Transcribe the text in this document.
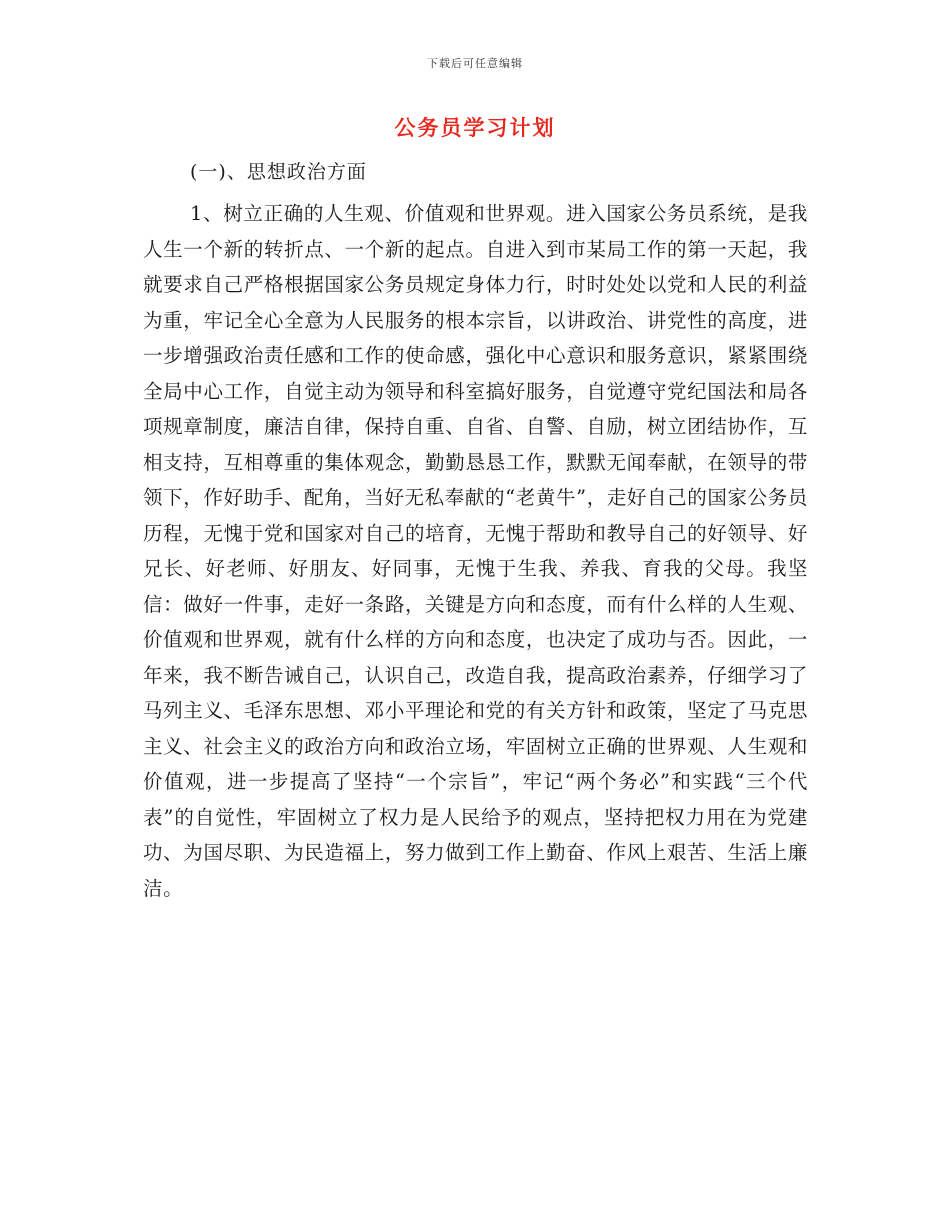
下载后可任意编辑
公务员学习计划
(一)、思想政治方面

1、树立正确的人生观、价值观和世界观。进入国家公务员系统，是我人生一个新的转折点、一个新的起点。自进入到市某局工作的第一天起，我就要求自己严格根据国家公务员规定身体力行，时时处处以党和人民的利益为重，牢记全心全意为人民服务的根本宗旨，以讲政治、讲党性的高度，进一步增强政治责任感和工作的使命感，强化中心意识和服务意识，紧紧围绕全局中心工作，自觉主动为领导和科室搞好服务，自觉遵守党纪国法和局各项规章制度，廉洁自律，保持自重、自省、自警、自励，树立团结协作，互相支持，互相尊重的集体观念，勤勤恳恳工作，默默无闻奉献，在领导的带领下，作好助手、配角，当好无私奉献的“老黄牛”，走好自己的国家公务员历程，无愧于党和国家对自己的培育，无愧于帮助和教导自己的好领导、好兄长、好老师、好朋友、好同事，无愧于生我、养我、育我的父母。我坚信：做好一件事，走好一条路，关键是方向和态度，而有什么样的人生观、价值观和世界观，就有什么样的方向和态度，也决定了成功与否。因此，一年来，我不断告诫自己，认识自己，改造自我，提高政治素养，仔细学习了马列主义、毛泽东思想、邓小平理论和党的有关方针和政策，坚定了马克思主义、社会主义的政治方向和政治立场，牢固树立正确的世界观、人生观和价值观，进一步提高了坚持“一个宗旨”，牢记“两个务必”和实践“三个代表”的自觉性，牢固树立了权力是人民给予的观点，坚持把权力用在为党建功、为国尽职、为民造福上，努力做到工作上勤奋、作风上艰苦、生活上廉洁。
